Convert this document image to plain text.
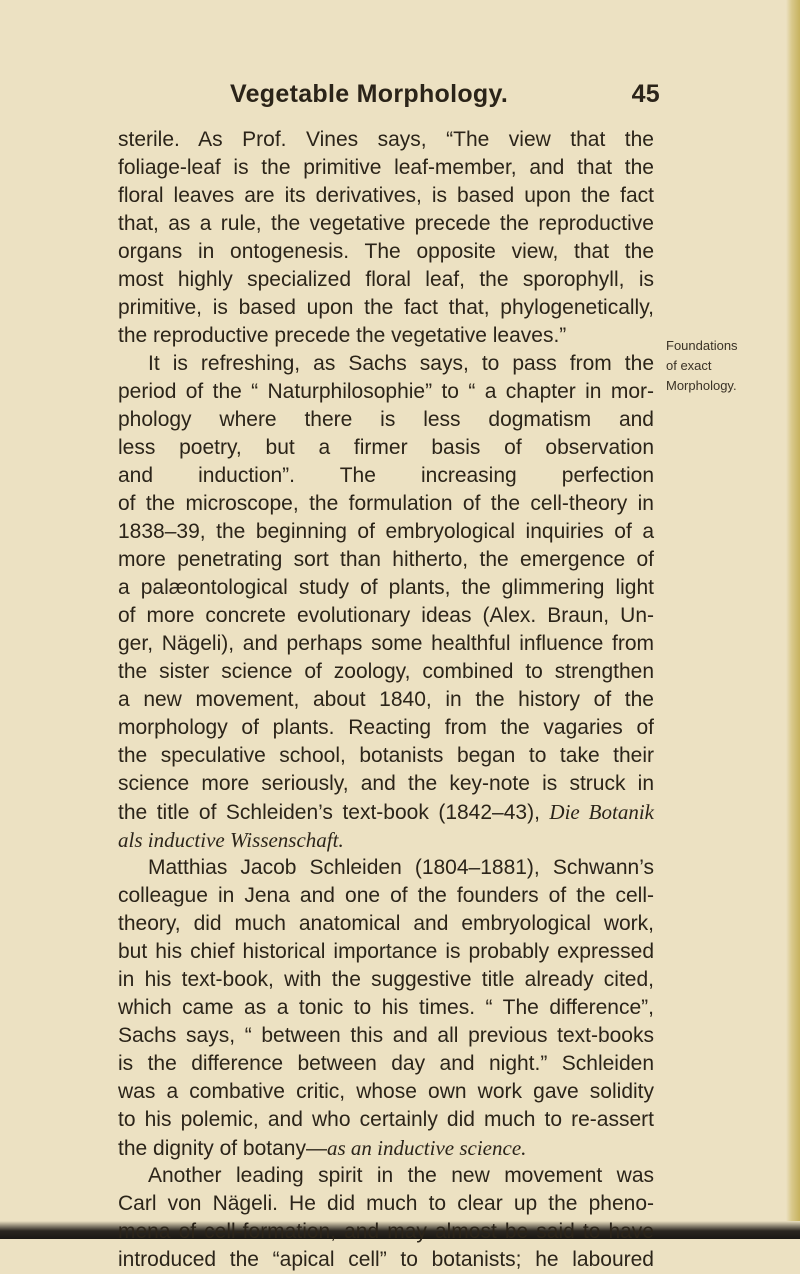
Vegetable Morphology.	45
sterile. As Prof. Vines says, “The view that the
foliage-leaf is the primitive leaf-member, and that the
floral leaves are its derivatives, is based upon the fact
that, as a rule, the vegetative precede the reproductive
organs in ontogenesis. The opposite view, that the
most highly specialized floral leaf, the sporophyll, is
primitive, is based upon the fact that, phylogenetically,
the reproductive precede the vegetative leaves.”
It is refreshing, as Sachs says, to pass from the
period of the “ Naturphilosophie” to “ a chapter in mor-
phology where there is less dogmatism and
less poetry, but a firmer basis of observation
and induction”. The increasing perfection
of the microscope, the formulation of the cell-theory in
1838–39, the beginning of embryological inquiries of a
more penetrating sort than hitherto, the emergence of
a palæontological study of plants, the glimmering light
of more concrete evolutionary ideas (Alex. Braun, Un-
ger, Nägeli), and perhaps some healthful influence from
the sister science of zoology, combined to strengthen
a new movement, about 1840, in the history of the
morphology of plants. Reacting from the vagaries of
the speculative school, botanists began to take their
science more seriously, and the key-note is struck in
the title of Schleiden’s text-book (1842–43), Die Botanik
als inductive Wissenschaft.
Matthias Jacob Schleiden (1804–1881), Schwann’s
colleague in Jena and one of the founders of the cell-
theory, did much anatomical and embryological work,
but his chief historical importance is probably expressed
in his text-book, with the suggestive title already cited,
which came as a tonic to his times. “ The difference”,
Sachs says, “ between this and all previous text-books
is the difference between day and night.” Schleiden
was a combative critic, whose own work gave solidity
to his polemic, and who certainly did much to re-assert
the dignity of botany—as an inductive science.
Another leading spirit in the new movement was
Carl von Nägeli. He did much to clear up the pheno-
mena of cell-formation, and may almost be said to have
introduced the “apical cell” to botanists; he laboured
Foundations
of exact
Morphology.
